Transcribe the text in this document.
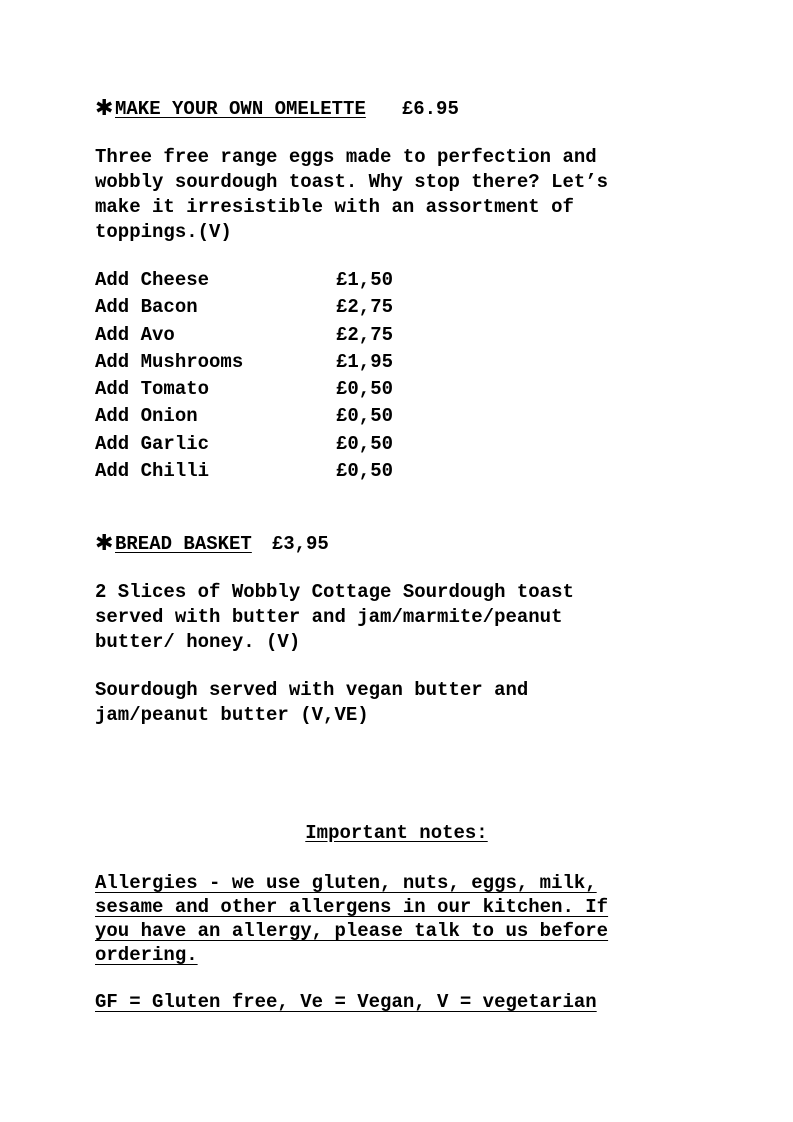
✱MAKE YOUR OWN OMELETTE £6.95
Three free range eggs made to perfection and
wobbly sourdough toast. Why stop there? Let’s
make it irresistible with an assortment of
toppings.(V)
Add Cheese	£1,50
Add Bacon	£2,75
Add Avo	£2,75
Add Mushrooms	£1,95
Add Tomato	£0,50
Add Onion	£0,50
Add Garlic	£0,50
Add Chilli	£0,50
✱BREAD BASKET £3,95
2 Slices of Wobbly Cottage Sourdough toast
served with butter and jam/marmite/peanut
butter/ honey. (V)
Sourdough served with vegan butter and
jam/peanut butter (V,VE)
Important notes:
Allergies - we use gluten, nuts, eggs, milk,
sesame and other allergens in our kitchen. If
you have an allergy, please talk to us before
ordering.
GF = Gluten free, Ve = Vegan, V = vegetarian
